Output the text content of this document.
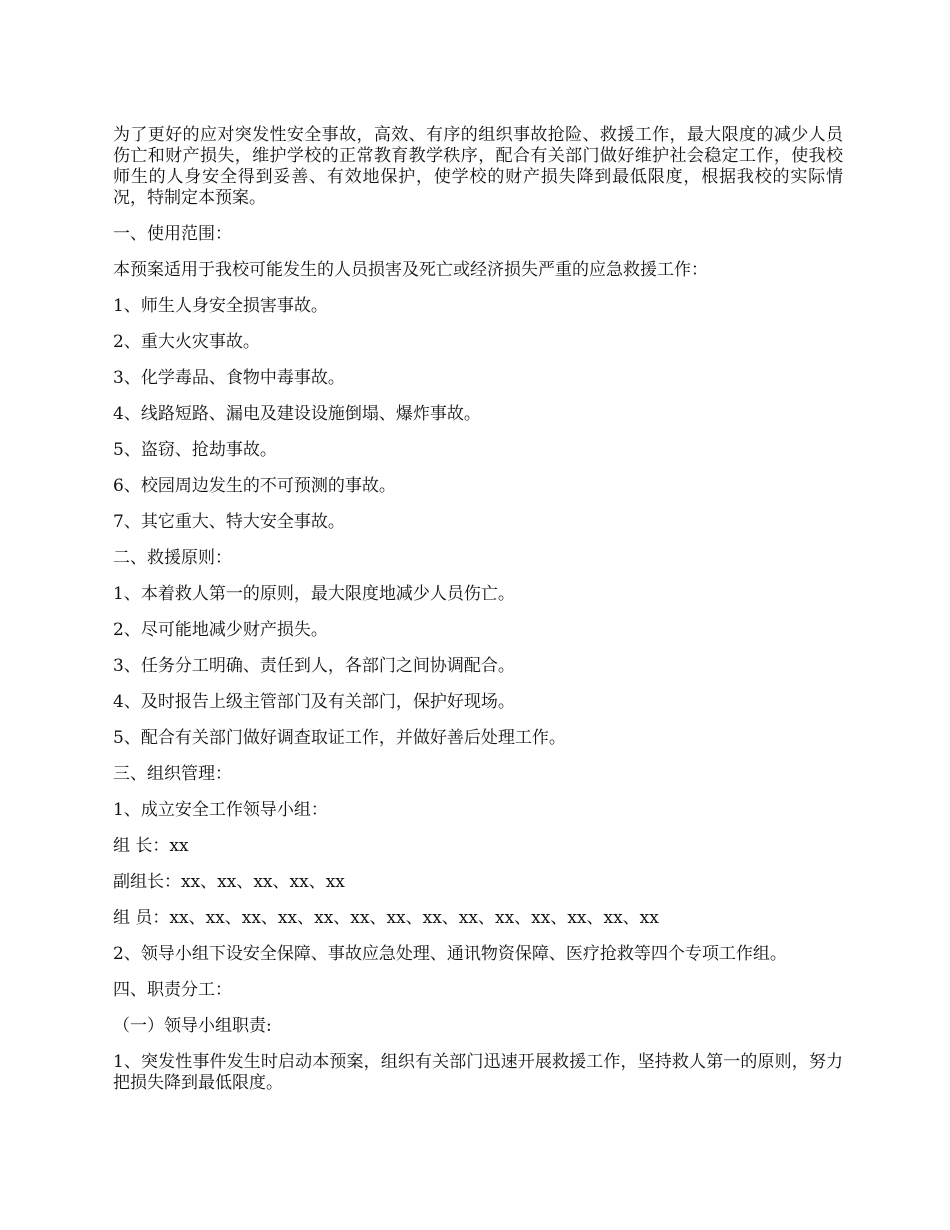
为了更好的应对突发性安全事故，高效、有序的组织事故抢险、救援工作，最大限度的减少人员伤亡和财产损失，维护学校的正常教育教学秩序，配合有关部门做好维护社会稳定工作，使我校师生的人身安全得到妥善、有效地保护，使学校的财产损失降到最低限度，根据我校的实际情况，特制定本预案。

一、使用范围：

本预案适用于我校可能发生的人员损害及死亡或经济损失严重的应急救援工作：

1、师生人身安全损害事故。

2、重大火灾事故。

3、化学毒品、食物中毒事故。

4、线路短路、漏电及建设设施倒塌、爆炸事故。

5、盗窃、抢劫事故。

6、校园周边发生的不可预测的事故。

7、其它重大、特大安全事故。

二、救援原则：

1、本着救人第一的原则，最大限度地减少人员伤亡。

2、尽可能地减少财产损失。

3、任务分工明确、责任到人，各部门之间协调配合。

4、及时报告上级主管部门及有关部门，保护好现场。

5、配合有关部门做好调查取证工作，并做好善后处理工作。

三、组织管理：

1、成立安全工作领导小组：

组 长：xx

副组长：xx、xx、xx、xx、xx

组 员：xx、xx、xx、xx、xx、xx、xx、xx、xx、xx、xx、xx、xx、xx

2、领导小组下设安全保障、事故应急处理、通讯物资保障、医疗抢救等四个专项工作组。

四、职责分工：

（一）领导小组职责:

1、突发性事件发生时启动本预案，组织有关部门迅速开展救援工作，坚持救人第一的原则，努力把损失降到最低限度。
